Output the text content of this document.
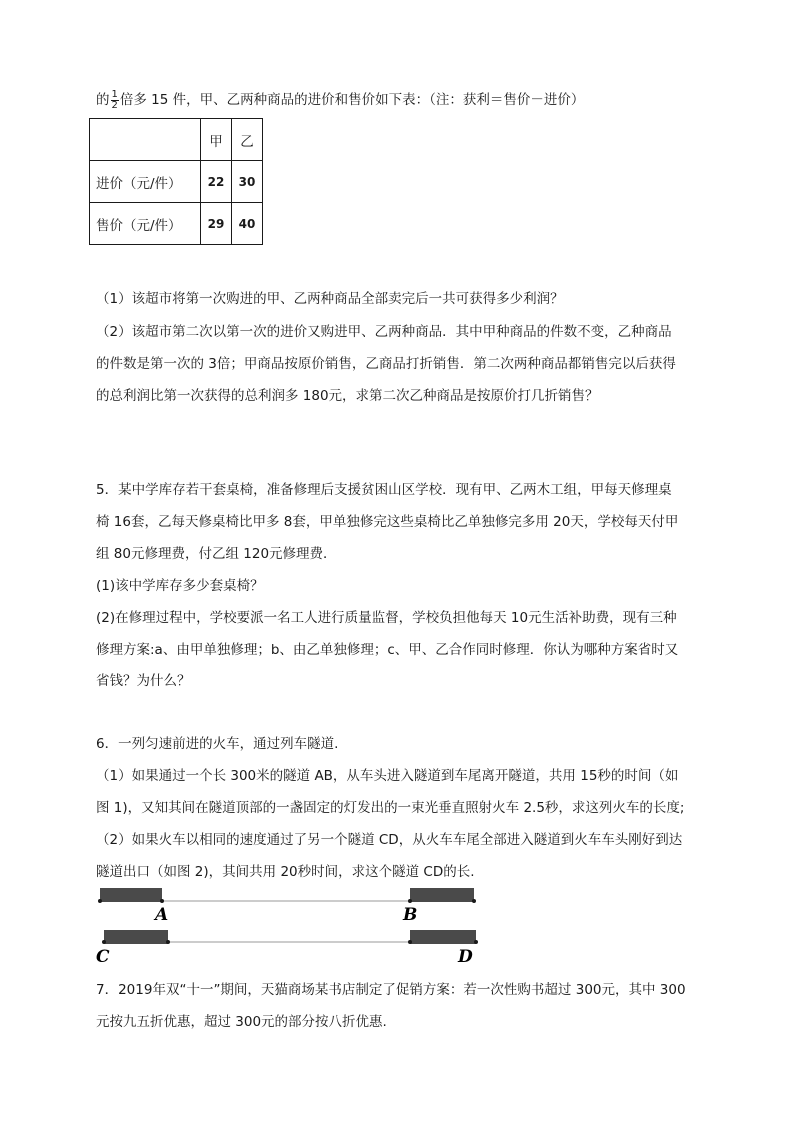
的 $\frac{1}{2}$ 倍多 15 件，甲、乙两种商品的进价和售价如下表：（注：获利＝售价－进价）
	甲	乙
进价（元/件）	22	30
售价（元/件）	29	40
（1）该超市将第一次购进的甲、乙两种商品全部卖完后一共可获得多少利润？
（2）该超市第二次以第一次的进价又购进甲、乙两种商品．其中甲种商品的件数不变，乙种商品
的件数是第一次的 3倍；甲商品按原价销售，乙商品打折销售．第二次两种商品都销售完以后获得
的总利润比第一次获得的总利润多 180元，求第二次乙种商品是按原价打几折销售？
5．某中学库存若干套桌椅，准备修理后支援贫困山区学校．现有甲、乙两木工组，甲每天修理桌
椅 16套，乙每天修桌椅比甲多 8套，甲单独修完这些桌椅比乙单独修完多用 20天，学校每天付甲
组 80元修理费，付乙组 120元修理费．
(1)该中学库存多少套桌椅？
(2)在修理过程中，学校要派一名工人进行质量监督，学校负担他每天 10元生活补助费，现有三种
修理方案:a、由甲单独修理；b、由乙单独修理；c、甲、乙合作同时修理．你认为哪种方案省时又
省钱？为什么？
6．一列匀速前进的火车，通过列车隧道.
（1）如果通过一个长 300米的隧道 AB，从车头进入隧道到车尾离开隧道，共用 15秒的时间（如
图 1)，又知其间在隧道顶部的一盏固定的灯发出的一束光垂直照射火车 2.5秒，求这列火车的长度;
（2）如果火车以相同的速度通过了另一个隧道 CD，从火车车尾全部进入隧道到火车车头刚好到达
隧道出口（如图 2)，其间共用 20秒时间，求这个隧道 CD的长.
A	B
C	D
7．2019年双“十一”期间，天猫商场某书店制定了促销方案：若一次性购书超过 300元，其中 300
元按九五折优惠，超过 300元的部分按八折优惠.
